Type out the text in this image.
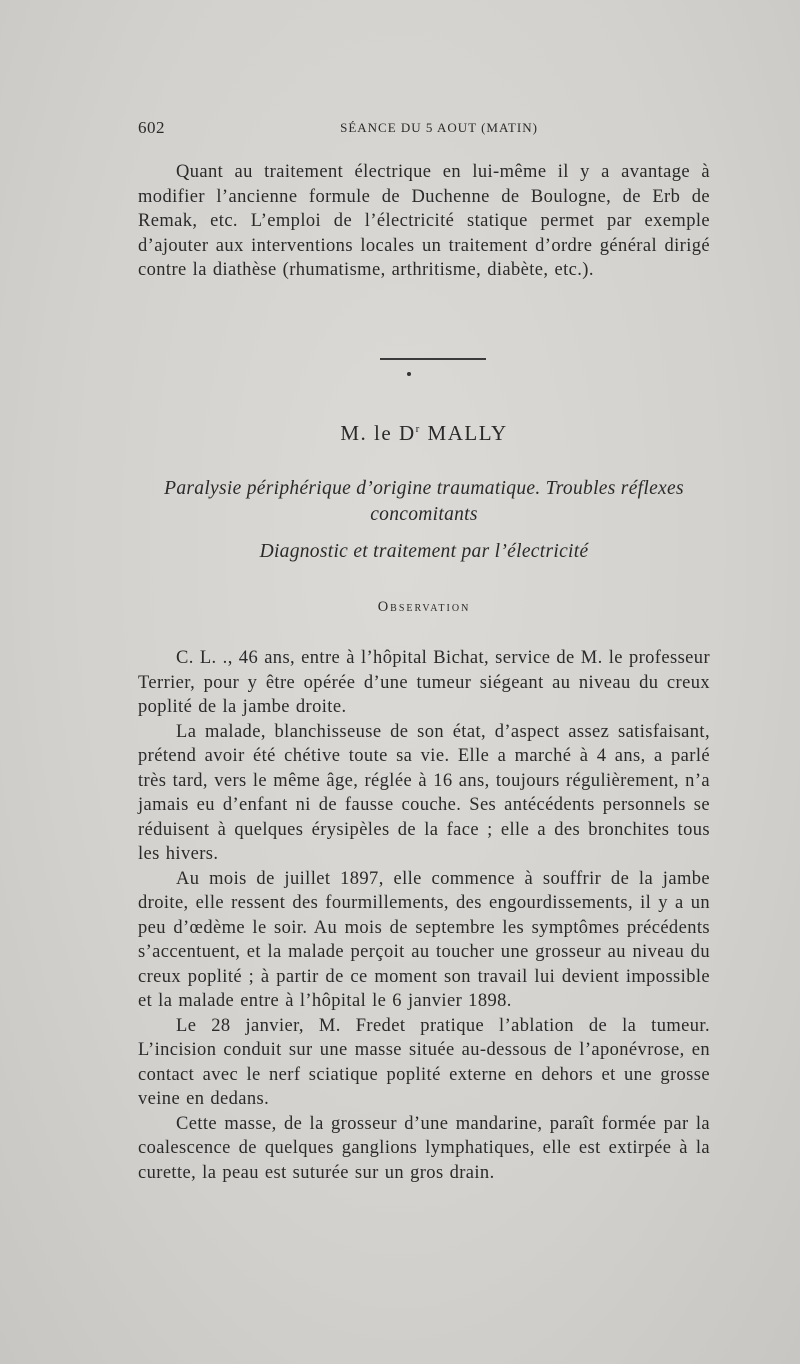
602	SÉANCE DU 5 AOUT (MATIN)

Quant au traitement électrique en lui-même il y a avantage à modifier l’ancienne formule de Duchenne de Boulogne, de Erb de Remak, etc. L’emploi de l’électricité statique permet par exemple d’ajouter aux interventions locales un traitement d’ordre général dirigé contre la diathèse (rhumatisme, arthritisme, diabète, etc.).

M. le $D^r$ MALLY
Paralysie périphérique d’origine traumatique. Troubles réflexes
concomitants
Diagnostic et traitement par l’électricité
Observation

C. L. ., 46 ans, entre à l’hôpital Bichat, service de M. le professeur Terrier, pour y être opérée d’une tumeur siégeant au niveau du creux poplité de la jambe droite.

La malade, blanchisseuse de son état, d’aspect assez satisfaisant, prétend avoir été chétive toute sa vie. Elle a marché à 4 ans, a parlé très tard, vers le même âge, réglée à 16 ans, toujours régulièrement, n’a jamais eu d’enfant ni de fausse couche. Ses antécédents personnels se réduisent à quelques érysipèles de la face ; elle a des bronchites tous les hivers.

Au mois de juillet 1897, elle commence à souffrir de la jambe droite, elle ressent des fourmillements, des engourdissements, il y a un peu d’œdème le soir. Au mois de septembre les symptômes précédents s’accentuent, et la malade perçoit au toucher une grosseur au niveau du creux poplité ; à partir de ce moment son travail lui devient impossible et la malade entre à l’hôpital le 6 janvier 1898.

Le 28 janvier, M. Fredet pratique l’ablation de la tumeur. L’incision conduit sur une masse située au-dessous de l’aponévrose, en contact avec le nerf sciatique poplité externe en dehors et une grosse veine en dedans.

Cette masse, de la grosseur d’une mandarine, paraît formée par la coalescence de quelques ganglions lymphatiques, elle est extirpée à la curette, la peau est suturée sur un gros drain.
